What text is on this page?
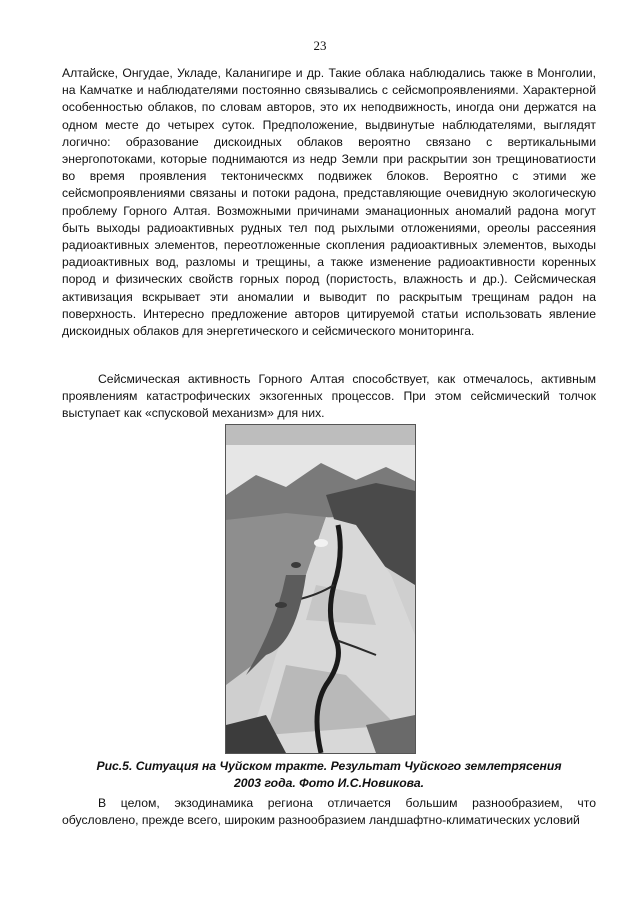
23

Алтайске, Онгудае, Укладе, Каланигире и др. Такие облака наблюдались также в Монголии, на Камчатке и наблюдателями постоянно связывались с сейсмопроявлениями. Характерной особенностью облаков, по словам авторов, это их неподвижность, иногда они держатся на одном месте до четырех суток. Предположение, выдвинутые наблюдателями, выглядят логично: образование дискоидных облаков вероятно связано с вертикальными энергопотоками, которые поднимаются из недр Земли при раскрытии зон трещиноватиости во время проявления тектоническмх подвижек блоков. Вероятно с этими же сейсмопроявлениями связаны и потоки радона, представляющие очевидную экологическую проблему Горного Алтая. Возможными причинами эманационных аномалий радона могут быть выходы радиоактивных рудных тел под рыхлыми отложениями, ореолы рассеяния радиоактивных элементов, переотложенные скопления радиоактивных элементов, выходы радиоактивных вод, разломы и трещины, а также изменение радиоактивности коренных пород и физических свойств горных пород (пористость, влажность и др.). Сейсмическая активизация вскрывает эти аномалии и выводит по раскрытым трещинам радон на поверхность. Интересно предложение авторов цитируемой статьи использовать явление дискоидных облаков для энергетического и сейсмического мониторинга.

Сейсмическая активность Горного Алтая способствует, как отмечалось, активным проявлениям катастрофических экзогенных процессов. При этом сейсмический толчок выступает как «спусковой механизм» для них.

Рис.5. Ситуация на Чуйском тракте. Результат Чуйского землетрясения
2003 года. Фото И.С.Новикова.

В целом, экзодинамика региона отличается большим разнообразием, что обусловлено, прежде всего, широким разнообразием ландшафтно-климатических условий
